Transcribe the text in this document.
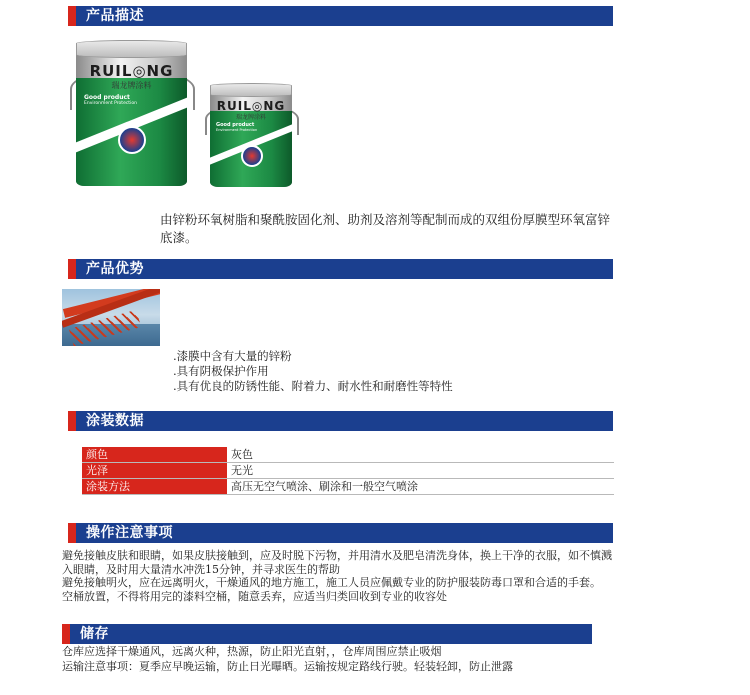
产品描述
RUIL◎NG
瑞龙牌涂料
Good product
Environment Protection	RUIL◎NG
瑞龙牌涂料
Good product
Environment Protection
由锌粉环氧树脂和聚酰胺固化剂、助剂及溶剂等配制而成的双组份厚膜型环氧富锌底漆。
产品优势
.漆膜中含有大量的锌粉
.具有阴极保护作用
.具有优良的防锈性能、附着力、耐水性和耐磨性等特性
涂装数据
颜色	灰色
光泽	无光
涂装方法	高压无空气喷涂、刷涂和一般空气喷涂
操作注意事项
避免接触皮肤和眼睛，如果皮肤接触到，应及时脱下污物，并用清水及肥皂清洗身体，换上干净的衣服，如不慎溅入眼睛，及时用大量清水冲洗15分钟，并寻求医生的帮助
避免接触明火，应在远离明火，干燥通风的地方施工，施工人员应佩戴专业的防护服装防毒口罩和合适的手套。
空桶放置，不得将用完的漆料空桶，随意丢弃，应适当归类回收到专业的收容处
储存
仓库应选择干燥通风，远离火种，热源，防止阳光直射，，仓库周围应禁止吸烟
运输注意事项：夏季应早晚运输，防止日光曝晒。运输按规定路线行驶。轻装轻卸，防止泄露
